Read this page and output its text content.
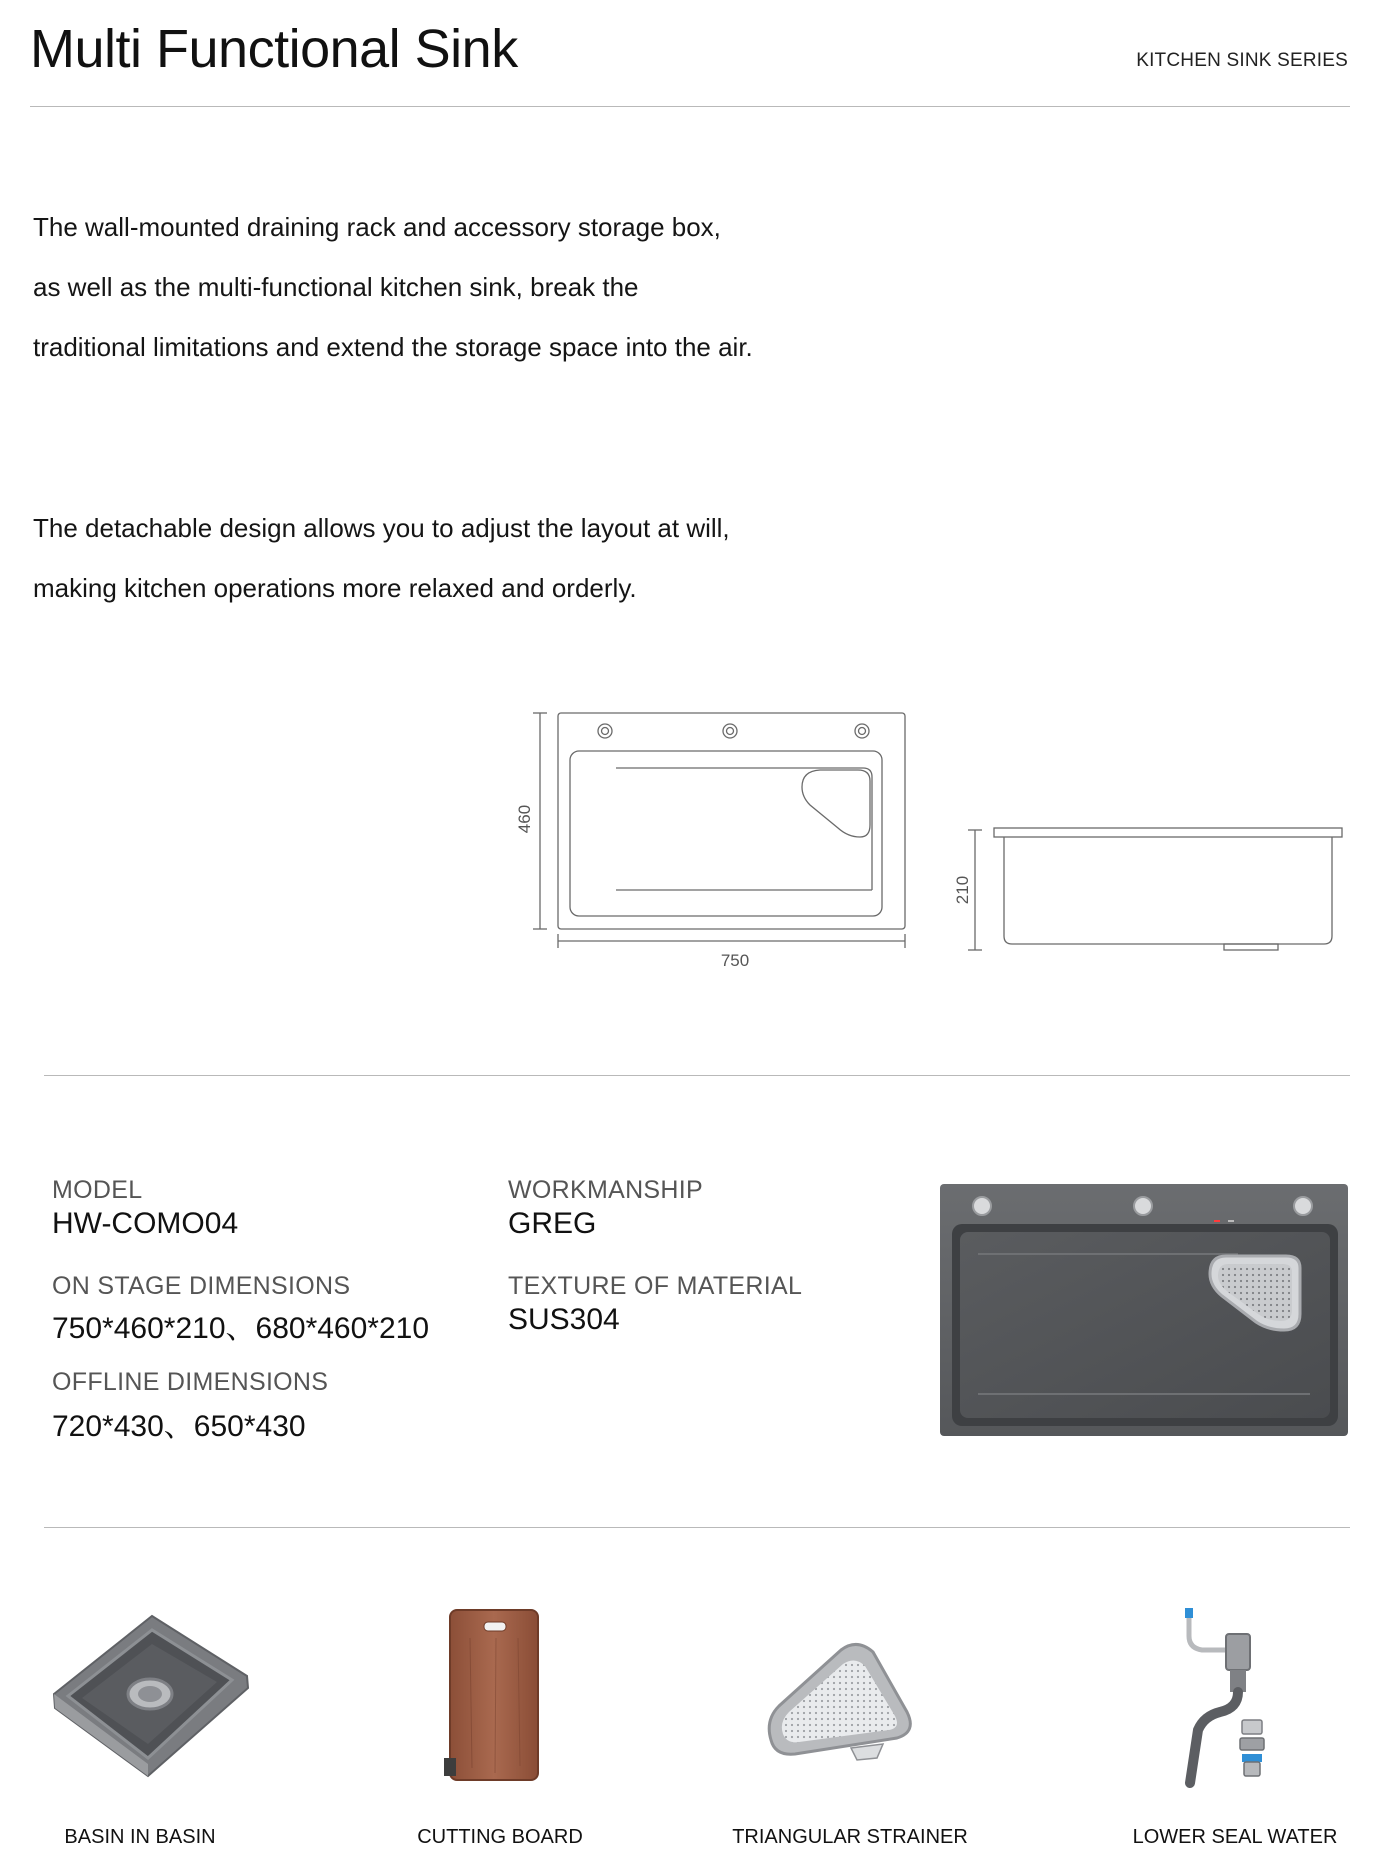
Multi Functional Sink	KITCHEN SINK SERIES
The wall-mounted draining rack and accessory storage box, as well as the multi-functional kitchen sink, break the traditional limitations and extend the storage space into the air.
The detachable design allows you to adjust the layout at will, making kitchen operations more relaxed and orderly.
460
750
210
MODEL
HW-COMO04
ON STAGE DIMENSIONS
750*460*210、680*460*210
OFFLINE DIMENSIONS
720*430、650*430
WORKMANSHIP
GREG
TEXTURE OF MATERIAL
SUS304
BASIN IN BASIN	CUTTING BOARD	TRIANGULAR STRAINER	LOWER SEAL WATER
